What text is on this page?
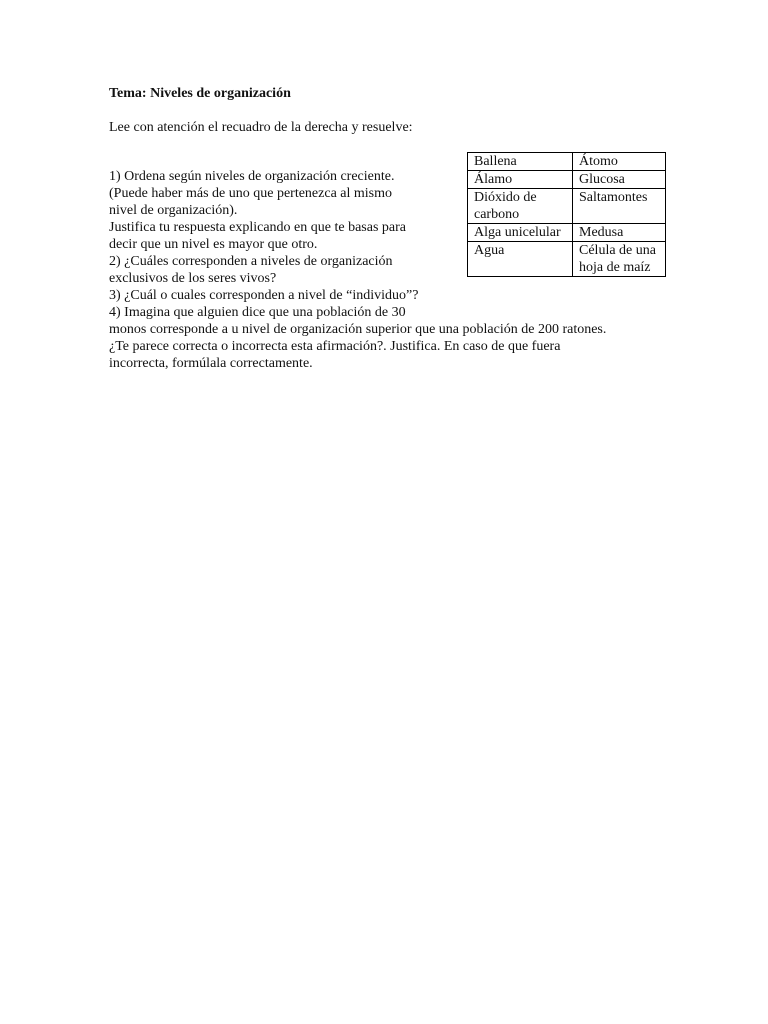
Tema: Niveles de organización
Lee con atención el recuadro de la derecha y resuelve:
1) Ordena según niveles de organización creciente.
(Puede haber más de uno que pertenezca al mismo
nivel de organización).
Justifica tu respuesta explicando en que te basas para
decir que un nivel es mayor que otro.
2) ¿Cuáles corresponden a niveles de organización
exclusivos de los seres vivos?
3) ¿Cuál o cuales corresponden a nivel de “individuo”?
4) Imagina que alguien dice que una población de 30
monos corresponde a u nivel de organización superior que una población de 200 ratones.
¿Te parece correcta o incorrecta esta afirmación?. Justifica. En caso de que fuera incorrecta, formúlala correctamente.
Ballena	Átomo
Álamo	Glucosa
Dióxido de carbono	Saltamontes
Alga unicelular	Medusa
Agua	Célula de una hoja de maíz
